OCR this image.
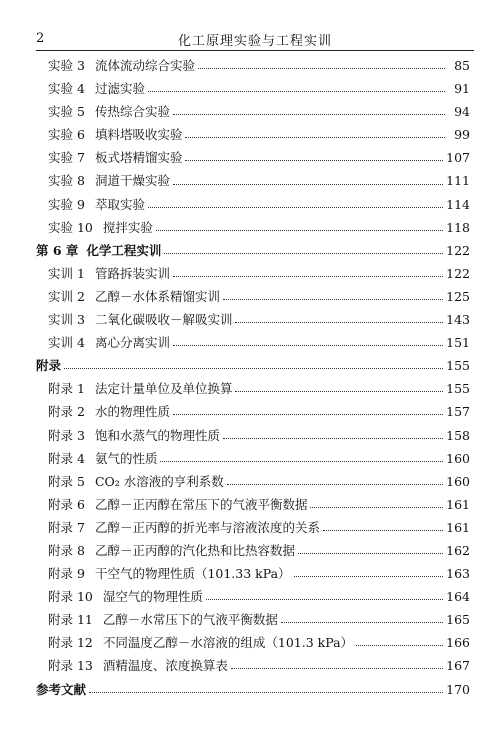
2	化工原理实验与工程实训
实验 3 流体流动综合实验	85
实验 4 过滤实验	91
实验 5 传热综合实验	94
实验 6 填料塔吸收实验	99
实验 7 板式塔精馏实验	107
实验 8 洞道干燥实验	111
实验 9 萃取实验	114
实验 10 搅拌实验	118
第 6 章 化学工程实训	122
实训 1 管路拆装实训	122
实训 2 乙醇－水体系精馏实训	125
实训 3 二氧化碳吸收－解吸实训	143
实训 4 离心分离实训	151
附录	155
附录 1 法定计量单位及单位换算	155
附录 2 水的物理性质	157
附录 3 饱和水蒸气的物理性质	158
附录 4 氨气的性质	160
附录 5 CO₂ 水溶液的亨利系数	160
附录 6 乙醇－正丙醇在常压下的气液平衡数据	161
附录 7 乙醇－正丙醇的折光率与溶液浓度的关系	161
附录 8 乙醇－正丙醇的汽化热和比热容数据	162
附录 9 干空气的物理性质（101.33 kPa）	163
附录 10 湿空气的物理性质	164
附录 11 乙醇－水常压下的气液平衡数据	165
附录 12 不同温度乙醇－水溶液的组成（101.3 kPa）	166
附录 13 酒精温度、浓度换算表	167
参考文献	170
